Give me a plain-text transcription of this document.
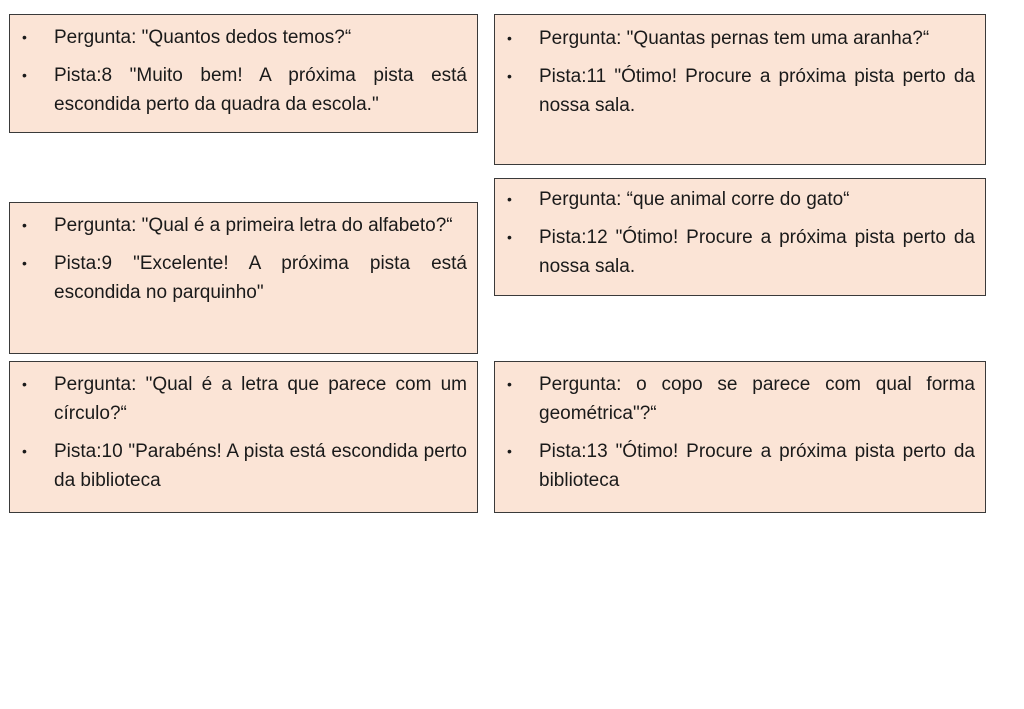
• Pergunta: "Quantos dedos temos?“
• Pista:8 "Muito bem! A próxima pista está escondida perto da quadra da escola."
• Pergunta: "Quantas pernas tem uma aranha?“
• Pista:11 "Ótimo! Procure a próxima pista perto da nossa sala.
• Pergunta: "Qual é a primeira letra do alfabeto?“
• Pista:9 "Excelente! A próxima pista está escondida no parquinho"
• Pergunta: “que animal corre do gato“
• Pista:12 "Ótimo! Procure a próxima pista perto da nossa sala.
• Pergunta: "Qual é a letra que parece com um círculo?“
• Pista:10 "Parabéns! A pista está escondida perto da biblioteca
• Pergunta: o copo se parece com qual forma geométrica"?“
• Pista:13 "Ótimo! Procure a próxima pista perto da biblioteca
